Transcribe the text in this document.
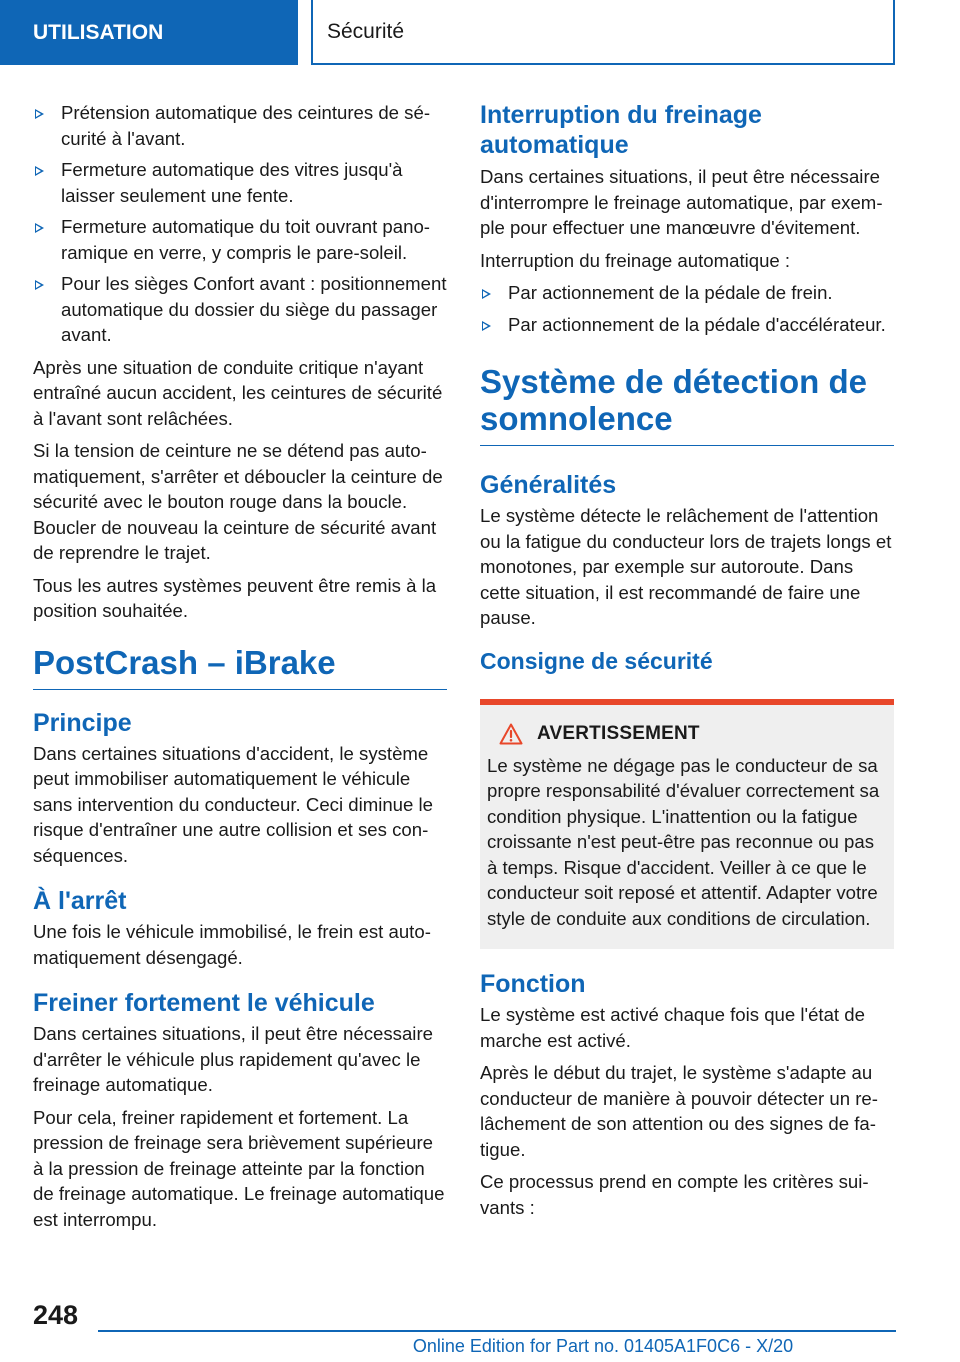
UTILISATION	Sécurité
Prétension automatique des ceintures de sécurité à l'avant.
Fermeture automatique des vitres jusqu'à laisser seulement une fente.
Fermeture automatique du toit ouvrant panoramique en verre, y compris le pare-soleil.
Pour les sièges Confort avant : positionnement automatique du dossier du siège du passager avant.

Après une situation de conduite critique n'ayant entraîné aucun accident, les ceintures de sécurité à l'avant sont relâchées.

Si la tension de ceinture ne se détend pas automatiquement, s'arrêter et déboucler la ceinture de sécurité avec le bouton rouge dans la boucle. Boucler de nouveau la ceinture de sécurité avant de reprendre le trajet.

Tous les autres systèmes peuvent être remis à la position souhaitée.

PostCrash – iBrake
Principe

Dans certaines situations d'accident, le système peut immobiliser automatiquement le véhicule sans intervention du conducteur. Ceci diminue le risque d'entraîner une autre collision et ses conséquences.

À l'arrêt

Une fois le véhicule immobilisé, le frein est automatiquement désengagé.

Freiner fortement le véhicule

Dans certaines situations, il peut être nécessaire d'arrêter le véhicule plus rapidement qu'avec le freinage automatique.

Pour cela, freiner rapidement et fortement. La pression de freinage sera brièvement supérieure à la pression de freinage atteinte par la fonction de freinage automatique. Le freinage automatique est interrompu.

Interruption du freinage automatique

Dans certaines situations, il peut être nécessaire d'interrompre le freinage automatique, par exemple pour effectuer une manœuvre d'évitement.

Interruption du freinage automatique :

Par actionnement de la pédale de frein.
Par actionnement de la pédale d'accélérateur.
Système de détection de somnolence
Généralités

Le système détecte le relâchement de l'attention ou la fatigue du conducteur lors de trajets longs et monotones, par exemple sur autoroute. Dans cette situation, il est recommandé de faire une pause.

Consigne de sécurité
AVERTISSEMENT

Le système ne dégage pas le conducteur de sa propre responsabilité d'évaluer correctement sa condition physique. L'inattention ou la fatigue croissante n'est peut-être pas reconnue ou pas à temps. Risque d'accident. Veiller à ce que le conducteur soit reposé et attentif. Adapter votre style de conduite aux conditions de circulation.

Fonction

Le système est activé chaque fois que l'état de marche est activé.

Après le début du trajet, le système s'adapte au conducteur de manière à pouvoir détecter un relâchement de son attention ou des signes de fatigue.

Ce processus prend en compte les critères suivants :

248
Online Edition for Part no. 01405A1F0C6 - X/20
